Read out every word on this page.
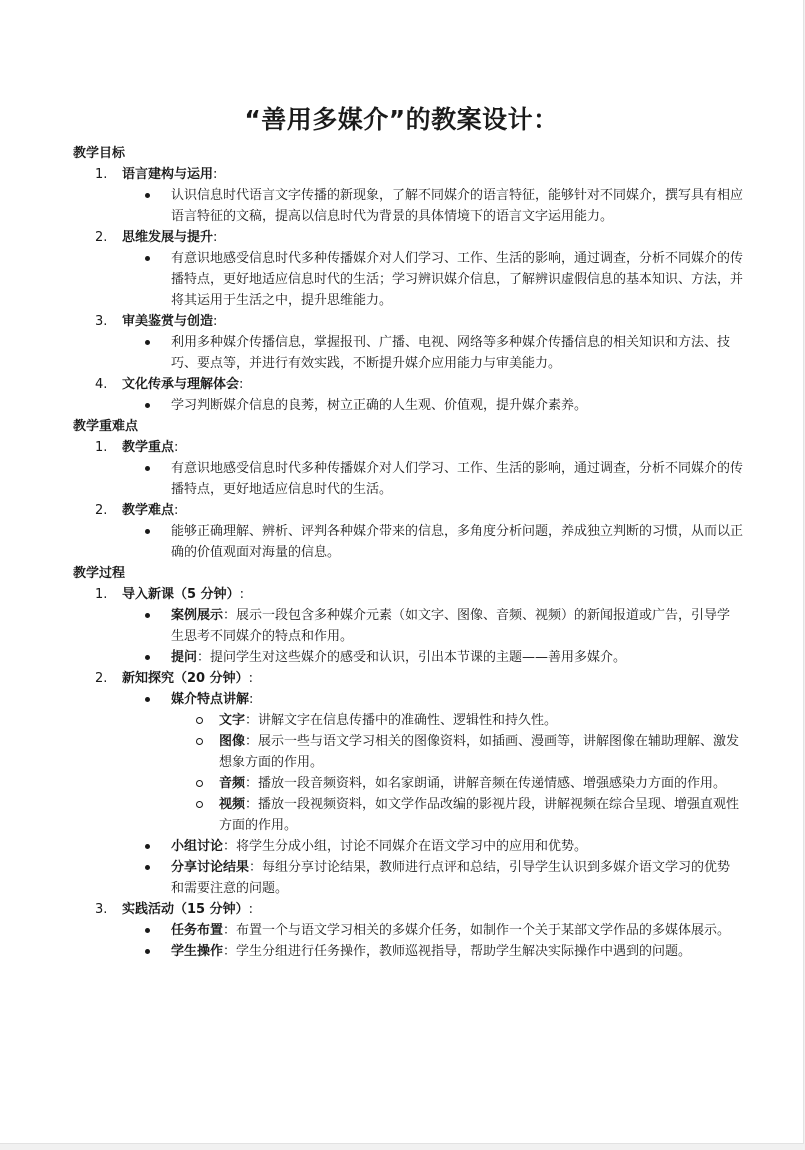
“善用多媒介”的教案设计：
教学目标
1.	语言建构与运用:
认识信息时代语言文字传播的新现象，了解不同媒介的语言特征，能够针对不同媒介，撰写具有相应语言特征的文稿，提高以信息时代为背景的具体情境下的语言文字运用能力。
2.	思维发展与提升:
有意识地感受信息时代多种传播媒介对人们学习、工作、生活的影响，通过调查，分析不同媒介的传播特点，更好地适应信息时代的生活；学习辨识媒介信息，了解辨识虚假信息的基本知识、方法，并将其运用于生活之中，提升思维能力。
3.	审美鉴赏与创造:
利用多种媒介传播信息，掌握报刊、广播、电视、网络等多种媒介传播信息的相关知识和方法、技巧、要点等，并进行有效实践，不断提升媒介应用能力与审美能力。
4.	文化传承与理解体会:
学习判断媒介信息的良莠，树立正确的人生观、价值观，提升媒介素养。
教学重难点
1.	教学重点:
有意识地感受信息时代多种传播媒介对人们学习、工作、生活的影响，通过调查，分析不同媒介的传播特点，更好地适应信息时代的生活。
2.	教学难点:
能够正确理解、辨析、评判各种媒介带来的信息，多角度分析问题，养成独立判断的习惯，从而以正确的价值观面对海量的信息。
教学过程
1.	导入新课（5 分钟）:
案例展示：展示一段包含多种媒介元素（如文字、图像、音频、视频）的新闻报道或广告，引导学生思考不同媒介的特点和作用。
提问：提问学生对这些媒介的感受和认识，引出本节课的主题——善用多媒介。
2.	新知探究（20 分钟）:
媒介特点讲解:
文字：讲解文字在信息传播中的准确性、逻辑性和持久性。
图像：展示一些与语文学习相关的图像资料，如插画、漫画等，讲解图像在辅助理解、激发想象方面的作用。
音频：播放一段音频资料，如名家朗诵，讲解音频在传递情感、增强感染力方面的作用。
视频：播放一段视频资料，如文学作品改编的影视片段，讲解视频在综合呈现、增强直观性方面的作用。
小组讨论：将学生分成小组，讨论不同媒介在语文学习中的应用和优势。
分享讨论结果：每组分享讨论结果，教师进行点评和总结，引导学生认识到多媒介语文学习的优势和需要注意的问题。
3.	实践活动（15 分钟）:
任务布置：布置一个与语文学习相关的多媒介任务，如制作一个关于某部文学作品的多媒体展示。
学生操作：学生分组进行任务操作，教师巡视指导，帮助学生解决实际操作中遇到的问题。
